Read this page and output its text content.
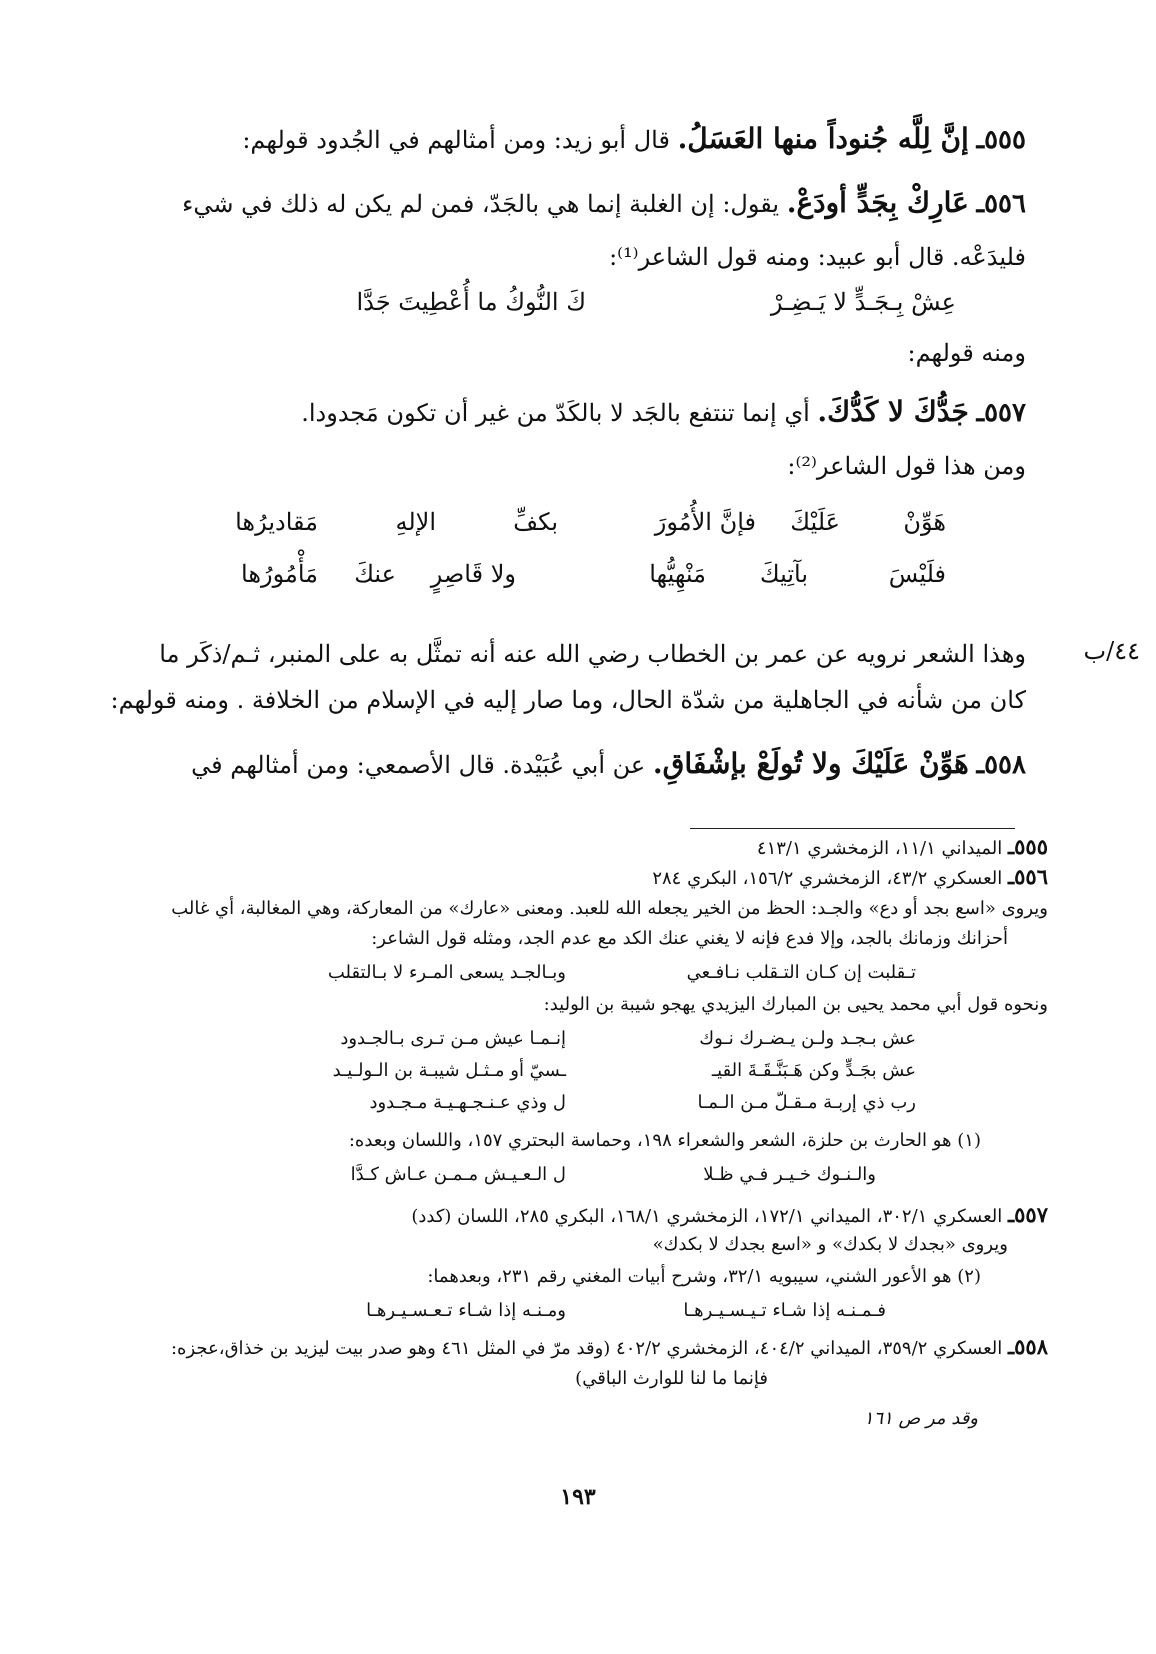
٥٥٥ـ إنَّ لِلَّه جُنوداً منها العَسَلُ. قال أبو زيد: ومن أمثالهم في الجُدود قولهم:
٥٥٦ـ عَارِكْ بِجَدٍّ أودَعْ. يقول: إن الغلبة إنما هي بالجَدّ، فمن لم يكن له ذلك في شيء
فليدَعْه. قال أبو عبيد: ومنه قول الشاعر⁽¹⁾:
عِشْ بِـجَـدٍّ لا يَـضِـرْ
كَ النُّوكُ ما أُعْطِيتَ جَدَّا
ومنه قولهم:
٥٥٧ـ جَدُّكَ لا كَدُّكَ. أي إنما تنتفع بالجَد لا بالكَدّ من غير أن تكون مَجدودا.
ومن هذا قول الشاعر⁽²⁾:
هَوِّنْ
عَلَيْكَ
فإنَّ الأُمُورَ
بكفِّ
الإلهِ
مَقاديرُها
فلَيْسَ
بآتِيكَ
مَنْهِيُّها
ولا قَاصِرٍ
عنكَ
مَأْمُورُها
٤٤/ب
وهذا الشعر نرويه عن عمر بن الخطاب رضي الله عنه أنه تمثَّل به على المنبر، ثـم/ذكَر ما
كان من شأنه في الجاهلية من شدّة الحال، وما صار إليه في الإسلام من الخلافة . ومنه قولهم:
٥٥٨ـ هَوِّنْ عَلَيْكَ ولا تُولَعْ بإشْفَاقِ. عن أبي عُبَيْدة. قال الأصمعي: ومن أمثالهم في
٥٥٥ـ الميداني ١١/١، الزمخشري ٤١٣/١
٥٥٦ـ العسكري ٤٣/٢، الزمخشري ١٥٦/٢، البكري ٢٨٤
ويروى «اسع بجد أو دع» والجـد: الحظ من الخير يجعله الله للعبد. ومعنى «عارك» من المعاركة، وهي المغالبة، أي غالب
أحزانك وزمانك بالجد، وإلا فدع فإنه لا يغني عنك الكد مع عدم الجد، ومثله قول الشاعر:
تـقلبت إن كـان التـقلب نـافـعي
وبـالجـد يسعى المـرء لا بـالتقلب
ونحوه قول أبي محمد يحيى بن المبارك اليزيدي يهجو شيبة بن الوليد:
عش بـجـد ولـن يـضـرك نـوك
إنـمـا عيش مـن تـرى بـالجـدود
عش بجَـدٍّ وكن هَـبَنَّـقَـةَ القيـ
ـسيّ أو مـثـل شيبـة بن الـولـيـد
رب ذي إربـة مـقـلّ مـن الـمـا
ل وذي عـنـجـهـيـة مـجـدود
(١) هو الحارث بن حلزة، الشعر والشعراء ١٩٨، وحماسة البحتري ١٥٧، واللسان وبعده:
والـنـوك خـيـر فـي ظـلا
ل الـعـيـش مـمـن عـاش كـدَّا
٥٥٧ـ العسكري ٣٠٢/١، الميداني ١٧٢/١، الزمخشري ١٦٨/١، البكري ٢٨٥، اللسان (كدد)
ويروى «بجدك لا بكدك» و «اسع بجدك لا بكدك»
(٢) هو الأعور الشني، سيبويه ٣٢/١، وشرح أبيات المغني رقم ٢٣١، وبعدهما:
فـمـنـه إذا شـاء تـيـسـيـرهـا
ومـنـه إذا شـاء تـعـسـيـرهـا
٥٥٨ـ العسكري ٣٥٩/٢، الميداني ٤٠٤/٢، الزمخشري ٤٠٢/٢ (وقد مرّ في المثل ٤٦١ وهو صدر بيت ليزيد بن خذاق،عجزه:
فإنما ما لنا للوارث الباقي)
وقد مر ص ١٦١
١٩٣
